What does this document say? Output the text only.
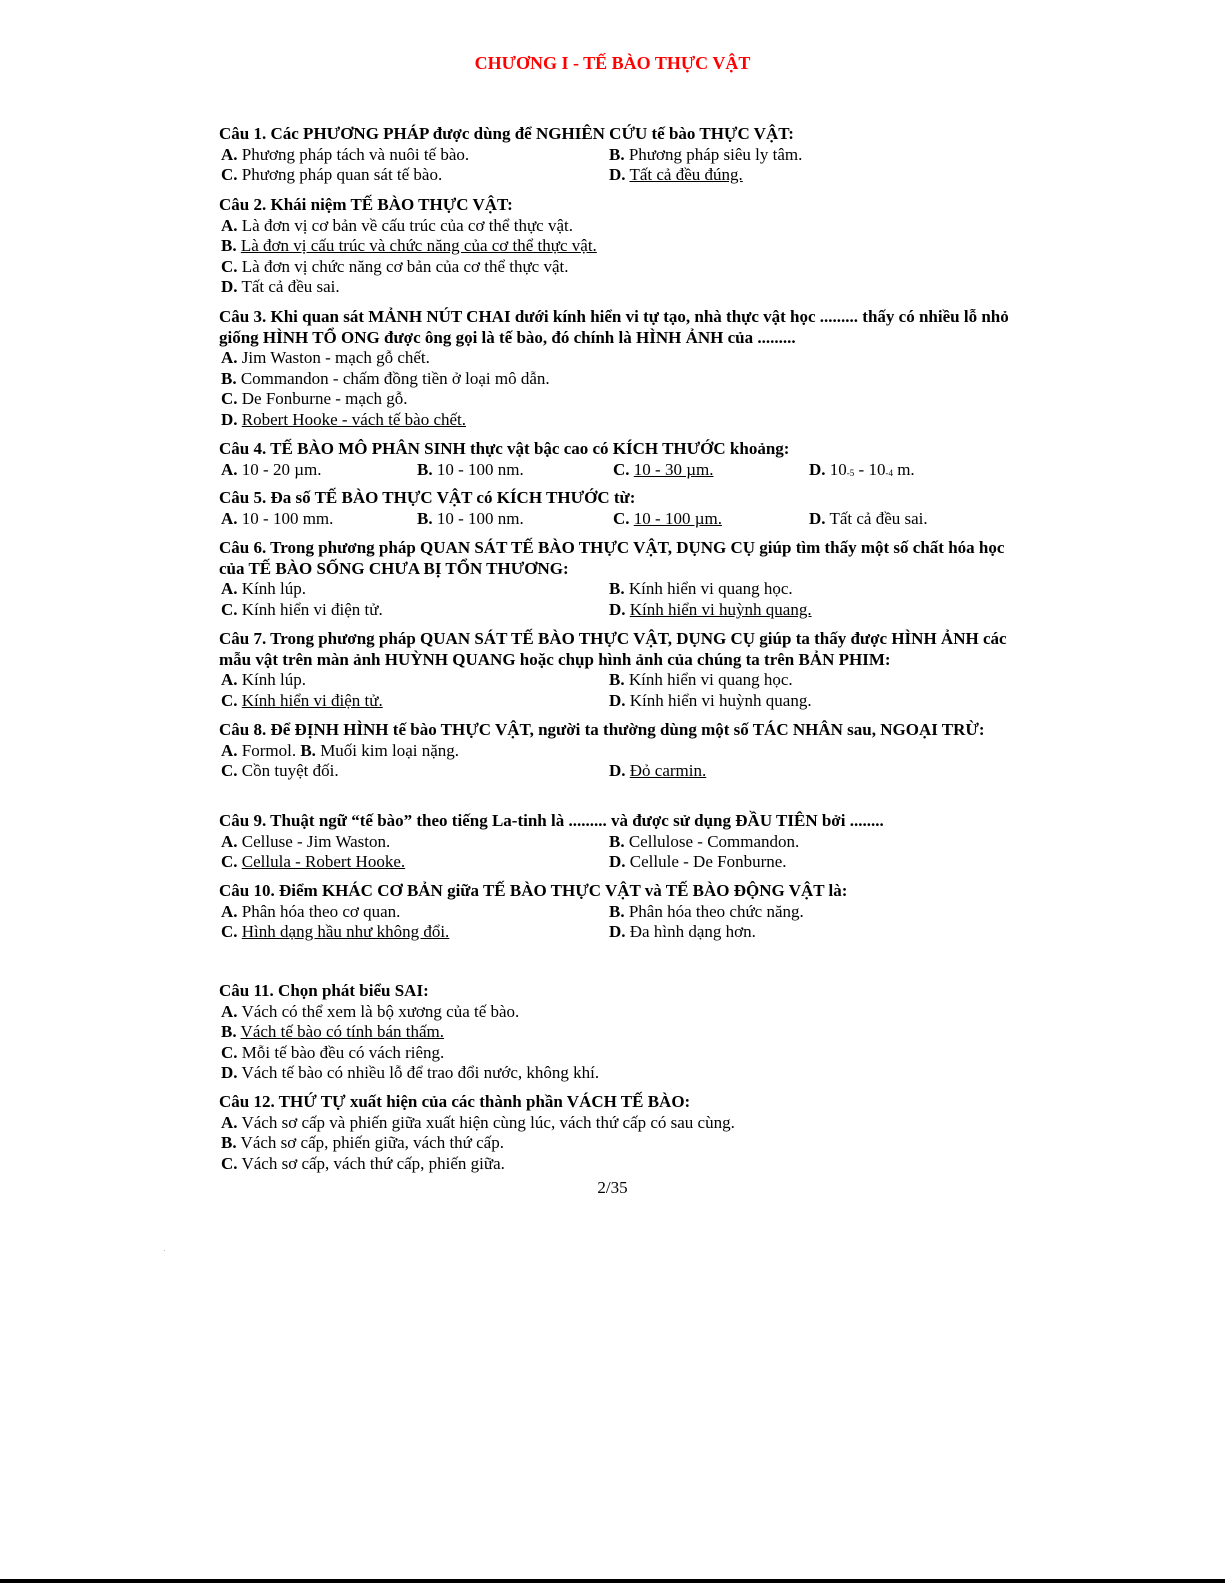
CHƯƠNG I - TẾ BÀO THỰC VẬT
Câu 1. Các PHƯƠNG PHÁP được dùng để NGHIÊN CỨU tế bào THỰC VẬT:
A. Phương pháp tách và nuôi tế bào.	B. Phương pháp siêu ly tâm.
C. Phương pháp quan sát tế bào.	D. Tất cả đều đúng.
Câu 2. Khái niệm TẾ BÀO THỰC VẬT:
A. Là đơn vị cơ bản về cấu trúc của cơ thể thực vật.
B. Là đơn vị cấu trúc và chức năng của cơ thể thực vật.
C. Là đơn vị chức năng cơ bản của cơ thể thực vật.
D. Tất cả đều sai.
Câu 3. Khi quan sát MẢNH NÚT CHAI dưới kính hiển vi tự tạo, nhà thực vật học ......... thấy có nhiều lỗ nhỏ giống HÌNH TỔ ONG được ông gọi là tế bào, đó chính là HÌNH ẢNH của .........
A. Jim Waston - mạch gỗ chết.
B. Commandon - chấm đồng tiền ở loại mô dẫn.
C. De Fonburne - mạch gỗ.
D. Robert Hooke - vách tế bào chết.
Câu 4. TẾ BÀO MÔ PHÂN SINH thực vật bậc cao có KÍCH THƯỚC khoảng:
A. 10 - 20 µm.	B. 10 - 100 nm.	C. 10 - 30 µm.	D. $10_{-5} - 10_{-4}$ m.
Câu 5. Đa số TẾ BÀO THỰC VẬT có KÍCH THƯỚC từ:
A. 10 - 100 mm.	B. 10 - 100 nm.	C. 10 - 100 µm.	D. Tất cả đều sai.
Câu 6. Trong phương pháp QUAN SÁT TẾ BÀO THỰC VẬT, DỤNG CỤ giúp tìm thấy một số chất hóa học của TẾ BÀO SỐNG CHƯA BỊ TỔN THƯƠNG:
A. Kính lúp.	B. Kính hiển vi quang học.
C. Kính hiển vi điện tử.	D. Kính hiển vi huỳnh quang.
Câu 7. Trong phương pháp QUAN SÁT TẾ BÀO THỰC VẬT, DỤNG CỤ giúp ta thấy được HÌNH ẢNH các mẫu vật trên màn ảnh HUỲNH QUANG hoặc chụp hình ảnh của chúng ta trên BẢN PHIM:
A. Kính lúp.	B. Kính hiển vi quang học.
C. Kính hiển vi điện tử.	D. Kính hiển vi huỳnh quang.
Câu 8. Để ĐỊNH HÌNH tế bào THỰC VẬT, người ta thường dùng một số TÁC NHÂN sau, NGOẠI TRỪ:
A. Formol. B. Muối kim loại nặng.
C. Cồn tuyệt đối.	D. Đỏ carmin.
Câu 9. Thuật ngữ “tế bào” theo tiếng La-tinh là ......... và được sử dụng ĐẦU TIÊN bởi ........
A. Celluse - Jim Waston.	B. Cellulose - Commandon.
C. Cellula - Robert Hooke.	D. Cellule - De Fonburne.
Câu 10. Điểm KHÁC CƠ BẢN giữa TẾ BÀO THỰC VẬT và TẾ BÀO ĐỘNG VẬT là:
A. Phân hóa theo cơ quan.	B. Phân hóa theo chức năng.
C. Hình dạng hầu như không đổi.	D. Đa hình dạng hơn.
Câu 11. Chọn phát biểu SAI:
A. Vách có thể xem là bộ xương của tế bào.
B. Vách tế bào có tính bán thấm.
C. Mỗi tế bào đều có vách riêng.
D. Vách tế bào có nhiều lỗ để trao đổi nước, không khí.
Câu 12. THỨ TỰ xuất hiện của các thành phần VÁCH TẾ BÀO:
A. Vách sơ cấp và phiến giữa xuất hiện cùng lúc, vách thứ cấp có sau cùng.
B. Vách sơ cấp, phiến giữa, vách thứ cấp.
C. Vách sơ cấp, vách thứ cấp, phiến giữa.
2/35
